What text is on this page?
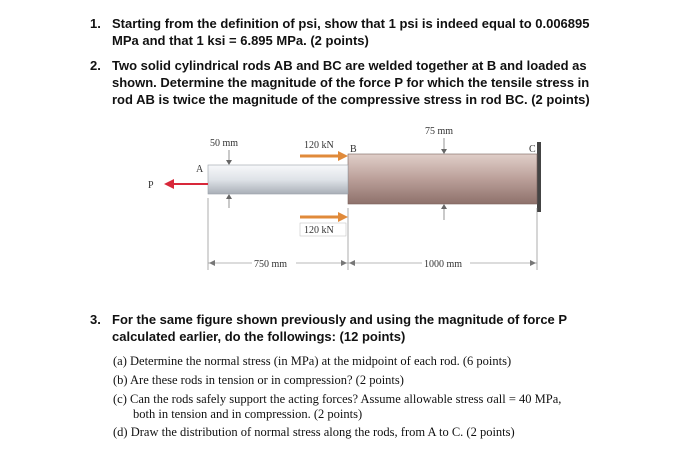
1. Starting from the definition of psi, show that 1 psi is indeed equal to 0.006895
MPa and that 1 ksi = 6.895 MPa. (2 points)
2. Two solid cylindrical rods AB and BC are welded together at B and loaded as
shown. Determine the magnitude of the force P for which the tensile stress in
rod AB is twice the magnitude of the compressive stress in rod BC. (2 points)
P
120 kN
120 kN
A
B	C
50 mm
75 mm
750 mm	1000 mm
3. For the same figure shown previously and using the magnitude of force P
calculated earlier, do the followings: (12 points)
(a) Determine the normal stress (in MPa) at the midpoint of each rod. (6 points)
(b) Are these rods in tension or in compression? (2 points)
(c) Can the rods safely support the acting forces? Assume allowable stress σall = 40 MPa,
both in tension and in compression. (2 points)
(d) Draw the distribution of normal stress along the rods, from A to C. (2 points)
